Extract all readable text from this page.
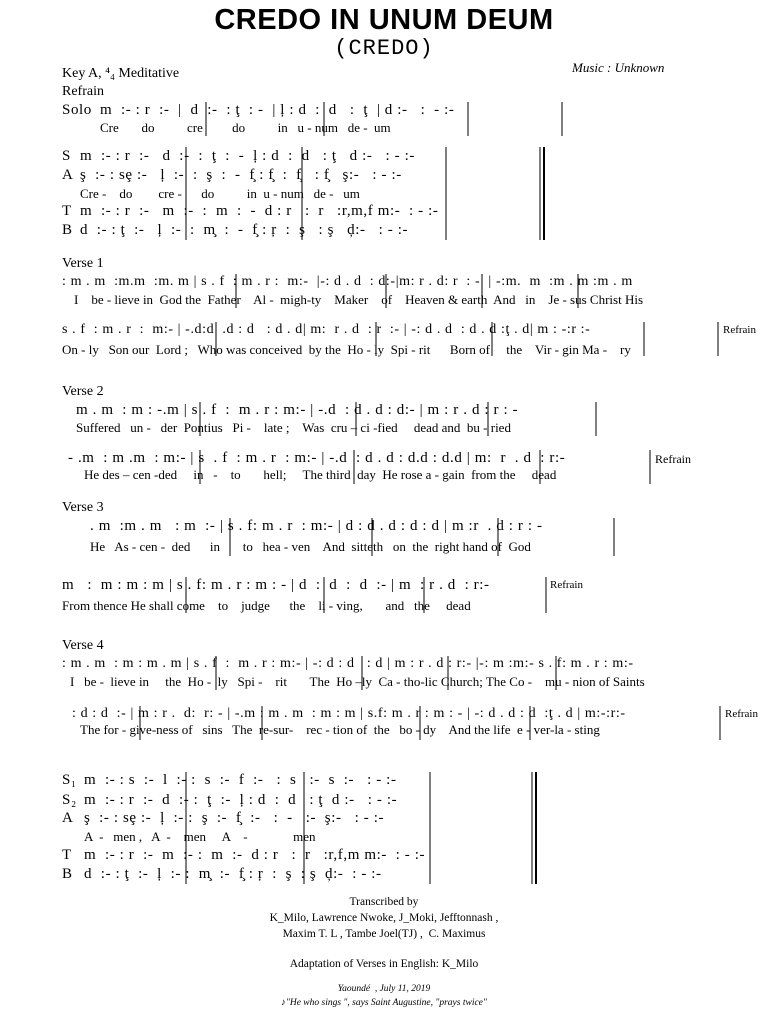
CREDO IN UNUM DEUM
(CREDO)
Music : Unknown
Key A, ⁴₄ Meditative
Refrain
Solo m  :- : r  :-  |  d  :-  : ţ  : -  | ļ : d  :  d   :  ţ  | d :-   :  - :-
Cre       do          cre         do          in   u - num   de -  um
S m  :- : r  :-   d  :-  :  ţ  :  -  ļ : d  :  d   : ţ   d :-   : - :-
A ş  :- : sȩ :-   ļ  :-  :  ş  :  -  f̧ : f̧  :  f̧   : f̧   ş:-   : - :-
Cre -    do        cre -      do          in  u - num   de -   um
T m  :- : r  :-   m  :-  :  m  :  -  d : r   :  r   :r,m,f m:-  : - :-
B d  :- : ţ  :-   ļ  :-  :  m̧  :  -  f̧ : ŗ  :  ş   : ş   ḑ:-   : - :-
Verse 1
: m . m  :m.m  :m. m | s . f  : m . r :  m:-  |-: d . d  : d:-|m: r . d: r  : -  | -:m.  m  :m . m :m . m
I    be - lieve in  God the  Father    Al -  migh-ty    Maker    of    Heaven & earth  And   in    Je - sus Christ His
s . f  : m . r  :  m:- | -.d:d  .d : d   : d . d| m:  r . d  : r  :- | -: d . d  : d . d :ţ . d| m : -:r :-
On - ly   Son our  Lord ;   Who was conceived  by the  Ho - ly  Spi - rit      Born of     the    Vir - gin Ma -    ry
Refrain
Verse 2
m . m  : m : -.m | s . f  :  m . r : m:- | -.d  : d . d : d:- | m : r . d : r : -
Suffered   un -   der  Pontius   Pi -    late ;    Was  cru – ci -fied     dead and  bu - ried
- .m  : m .m  : m:- | s  . f  : m . r  : m:- | -.d  : d . d : d.d : d.d | m:  r  . d  : r:-
He des – cen -ded     in   -    to       hell;     The third  day  He rose a - gain  from the     dead
Refrain
Verse 3
. m  :m . m   : m  :- | s . f: m . r  : m:- | d : d . d : d : d | m :r  . d : r : -
He   As - cen -  ded      in       to   hea - ven    And  sitteth   on  the  right hand of  God
m   :  m : m : m | s . f: m . r : m : - | d  :  d  :  d  :- | m  : r . d  : r:-
From thence He shall come    to    judge      the    li - ving,       and   the     dead
Refrain
Verse 4
: m . m  : m : m . m | s . f  :  m . r : m:- | -: d : d   : d | m : r . d : r:- |-: m :m:- s . f: m . r : m:-
I   be -  lieve in     the  Ho -  ly   Spi -    rit       The  Ho –ly  Ca - tho-lic Church; The Co -    mu - nion of Saints
: d : d  :- | m : r .  d:  r: - | -.m : m . m  : m : m | s.f: m . r : m : - | -: d . d : d  :ţ . d | m:-:r:-
The for - give-ness of   sins   The  re-sur-    rec - tion of  the   bo - dy    And the life  e - ver-la - sting
Refrain
S₁ m  :- : s  :-  l  :- :  s  :-  f  :-   :  s   :-  s  :-   : - :-
S₂ m  :- : r  :-  d  :- :  ţ  :-  ļ : d  :  d   : ţ  d :-   : - :-
A ş  :- : sȩ :-  ļ  :- :  ş  :-  f̧  :-   :  -   :-  ş:-   : - :-
A  -   men ,   A  -    men     A    -              men
T m  :- : r  :-  m  :- :  m  :-  d : r   :  r   :r,f,m m:-  : - :-
B d  :- : ţ  :-  ļ  :- :  m̧  :-  f̧ : ŗ  :  ş  : ş  ḑ:-  : - :-
Transcribed by
K_Milo, Lawrence Nwoke, J_Moki, Jefftonnash ,
Maxim T. L , Tambe Joel(TJ) ,  C. Maximus
Adaptation of Verses in English: K_Milo
Yaoundé  , July 11, 2019
♪"He who sings ", says Saint Augustine, "prays twice"
